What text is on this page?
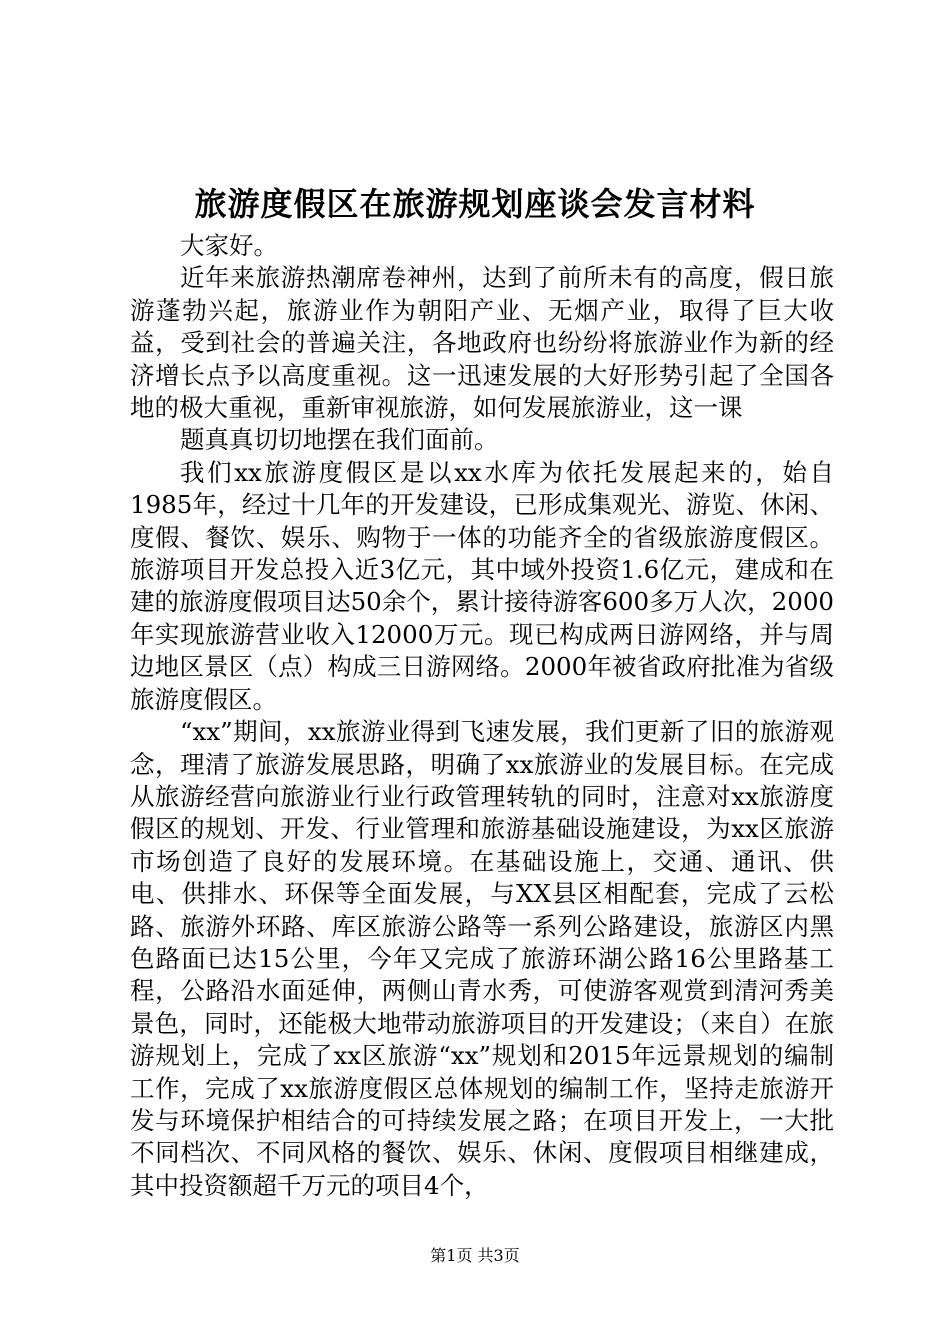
旅游度假区在旅游规划座谈会发言材料

大家好。

近年来旅游热潮席卷神州，达到了前所未有的高度，假日旅游蓬勃兴起，旅游业作为朝阳产业、无烟产业，取得了巨大收益，受到社会的普遍关注，各地政府也纷纷将旅游业作为新的经济增长点予以高度重视。这一迅速发展的大好形势引起了全国各地的极大重视，重新审视旅游，如何发展旅游业，这一课

题真真切切地摆在我们面前。

我们xx旅游度假区是以xx水库为依托发展起来的，始自1985年，经过十几年的开发建设，已形成集观光、游览、休闲、度假、餐饮、娱乐、购物于一体的功能齐全的省级旅游度假区。旅游项目开发总投入近3亿元，其中域外投资1.6亿元，建成和在建的旅游度假项目达50余个，累计接待游客600多万人次，2000年实现旅游营业收入12000万元。现已构成两日游网络，并与周边地区景区（点）构成三日游网络。2000年被省政府批准为省级旅游度假区。

“xx”期间，xx旅游业得到飞速发展，我们更新了旧的旅游观念，理清了旅游发展思路，明确了xx旅游业的发展目标。在完成从旅游经营向旅游业行业行政管理转轨的同时，注意对xx旅游度假区的规划、开发、行业管理和旅游基础设施建设，为xx区旅游市场创造了良好的发展环境。在基础设施上，交通、通讯、供电、供排水、环保等全面发展，与XX县区相配套，完成了云松路、旅游外环路、库区旅游公路等一系列公路建设，旅游区内黑色路面已达15公里，今年又完成了旅游环湖公路16公里路基工程，公路沿水面延伸，两侧山青水秀，可使游客观赏到清河秀美景色，同时，还能极大地带动旅游项目的开发建设；（来自）在旅游规划上，完成了xx区旅游“xx”规划和2015年远景规划的编制工作，完成了xx旅游度假区总体规划的编制工作，坚持走旅游开发与环境保护相结合的可持续发展之路；在项目开发上，一大批不同档次、不同风格的餐饮、娱乐、休闲、度假项目相继建成，其中投资额超千万元的项目4个，

第1页 共3页
